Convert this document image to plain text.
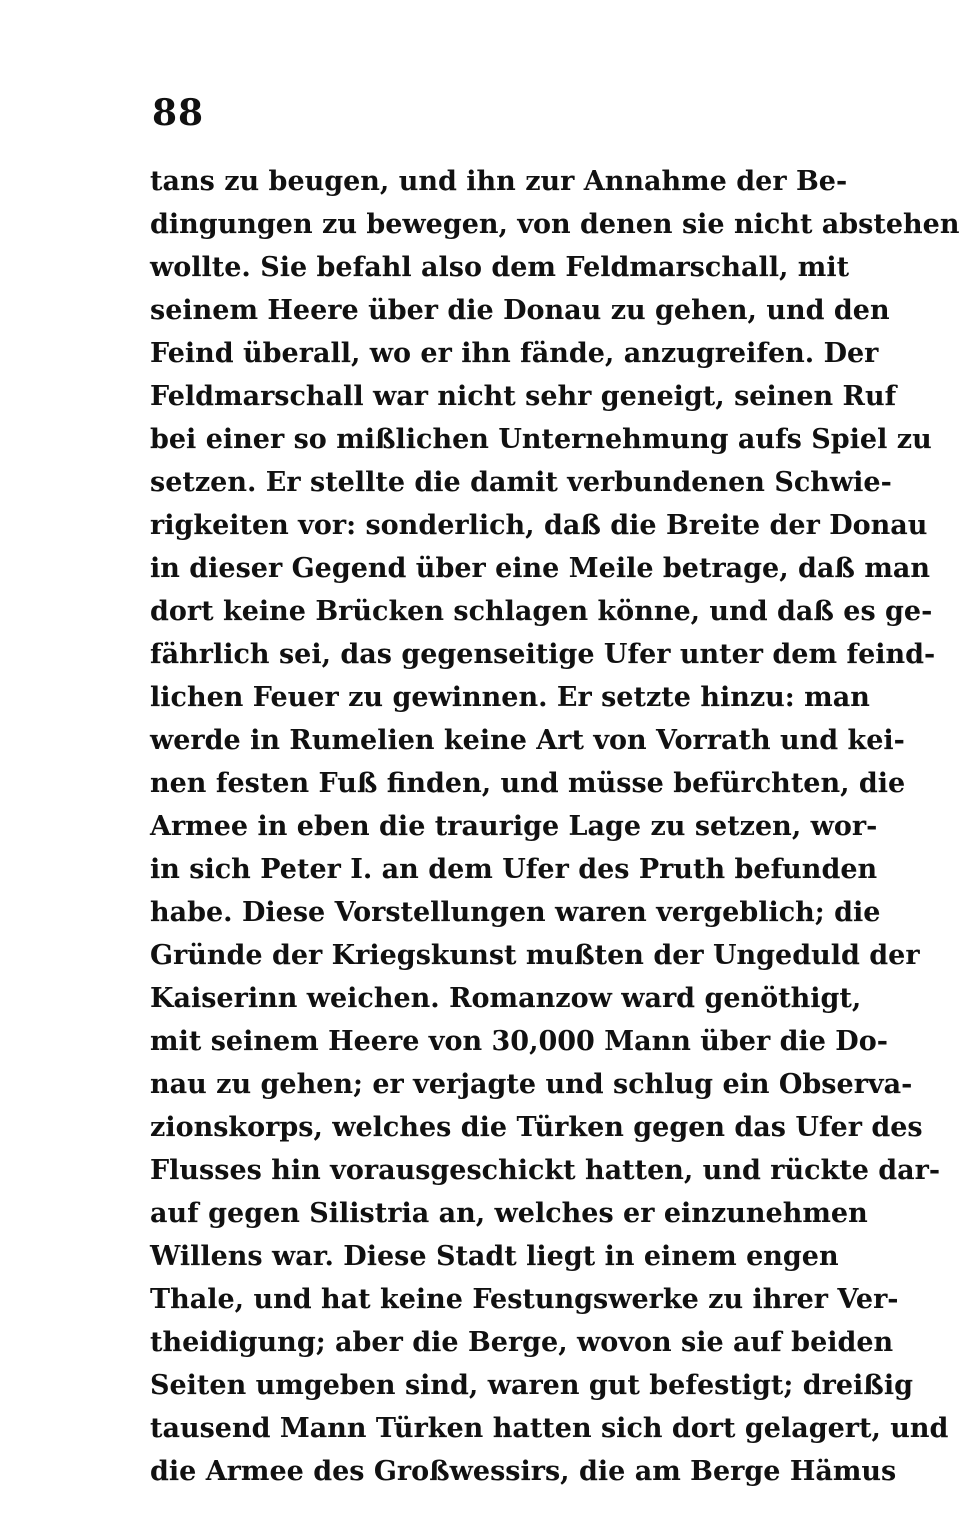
88
tans zu beugen, und ihn zur Annahme der Be-
dingungen zu bewegen, von denen sie nicht abstehen
wollte. Sie befahl also dem Feldmarschall, mit
seinem Heere über die Donau zu gehen, und den
Feind überall, wo er ihn fände, anzugreifen. Der
Feldmarschall war nicht sehr geneigt, seinen Ruf
bei einer so mißlichen Unternehmung aufs Spiel zu
setzen. Er stellte die damit verbundenen Schwie-
rigkeiten vor: sonderlich, daß die Breite der Donau
in dieser Gegend über eine Meile betrage, daß man
dort keine Brücken schlagen könne, und daß es ge-
fährlich sei, das gegenseitige Ufer unter dem feind-
lichen Feuer zu gewinnen. Er setzte hinzu: man
werde in Rumelien keine Art von Vorrath und kei-
nen festen Fuß finden, und müsse befürchten, die
Armee in eben die traurige Lage zu setzen, wor-
in sich Peter I. an dem Ufer des Pruth befunden
habe. Diese Vorstellungen waren vergeblich; die
Gründe der Kriegskunst mußten der Ungeduld der
Kaiserinn weichen. Romanzow ward genöthigt,
mit seinem Heere von 30,000 Mann über die Do-
nau zu gehen; er verjagte und schlug ein Observa-
zionskorps, welches die Türken gegen das Ufer des
Flusses hin vorausgeschickt hatten, und rückte dar-
auf gegen Silistria an, welches er einzunehmen
Willens war. Diese Stadt liegt in einem engen
Thale, und hat keine Festungswerke zu ihrer Ver-
theidigung; aber die Berge, wovon sie auf beiden
Seiten umgeben sind, waren gut befestigt; dreißig
tausend Mann Türken hatten sich dort gelagert, und
die Armee des Großwessirs, die am Berge Hämus
